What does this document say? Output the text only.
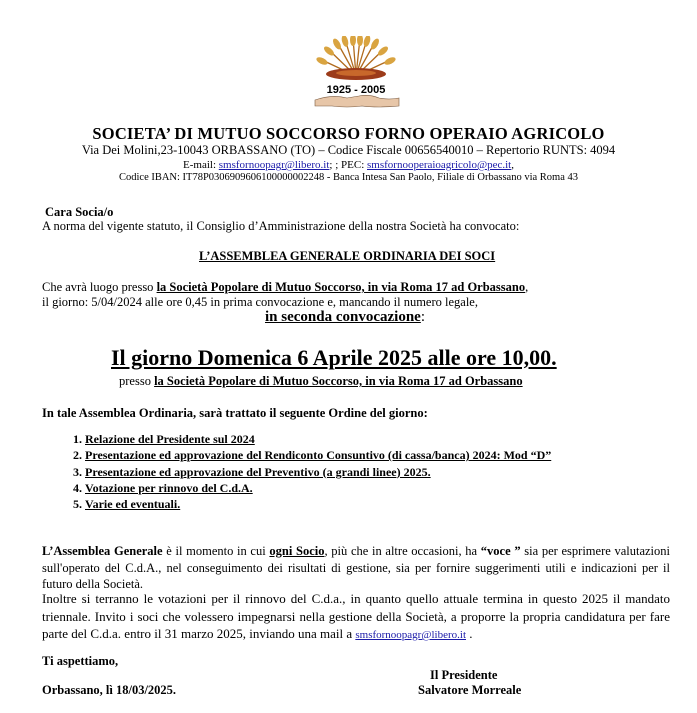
1925 - 2005
SOCIETA’ DI MUTUO SOCCORSO FORNO OPERAIO AGRICOLO
Via Dei Molini,23-10043 ORBASSANO (TO) – Codice Fiscale 00656540010 – Repertorio RUNTS: 4094
E-mail: smsfornoopagr@libero.it; ; PEC: smsfornooperaioagricolo@pec.it,
Codice IBAN: IT78P0306909606100000002248 - Banca Intesa San Paolo, Filiale di Orbassano via Roma 43
Cara Socia/o
A norma del vigente statuto, il Consiglio d’Amministrazione della nostra Società ha convocato:
L’ASSEMBLEA GENERALE ORDINARIA DEI SOCI
Che avrà luogo presso la Società Popolare di Mutuo Soccorso, in via Roma 17 ad Orbassano,
il giorno: 5/04/2024 alle ore 0,45 in prima convocazione e, mancando il numero legale,
in seconda convocazione:
Il giorno Domenica 6 Aprile 2025 alle ore 10,00.
presso la Società Popolare di Mutuo Soccorso, in via Roma 17 ad Orbassano
In tale Assemblea Ordinaria, sarà trattato il seguente Ordine del giorno:
1. Relazione del Presidente sul 2024
2. Presentazione ed approvazione del Rendiconto Consuntivo (di cassa/banca) 2024: Mod “D”
3. Presentazione ed approvazione del Preventivo (a grandi linee) 2025.
4. Votazione per rinnovo del C.d.A.
5. Varie ed eventuali.
L’Assemblea Generale è il momento in cui ogni Socio, più che in altre occasioni, ha “voce ” sia per esprimere valutazioni sull'operato del C.d.A., nel conseguimento dei risultati di gestione, sia per fornire suggerimenti utili e indicazioni per il futuro della Società.
Inoltre si terranno le votazioni per il rinnovo del C.d.a., in quanto quello attuale termina in questo 2025 il mandato triennale. Invito i soci che volessero impegnarsi nella gestione della Società, a proporre la propria candidatura per fare parte del C.d.a. entro il 31 marzo 2025, inviando una mail a smsfornoopagr@libero.it .
Ti aspettiamo,
Il Presidente
Orbassano, lì 18/03/2025.	Salvatore Morreale
